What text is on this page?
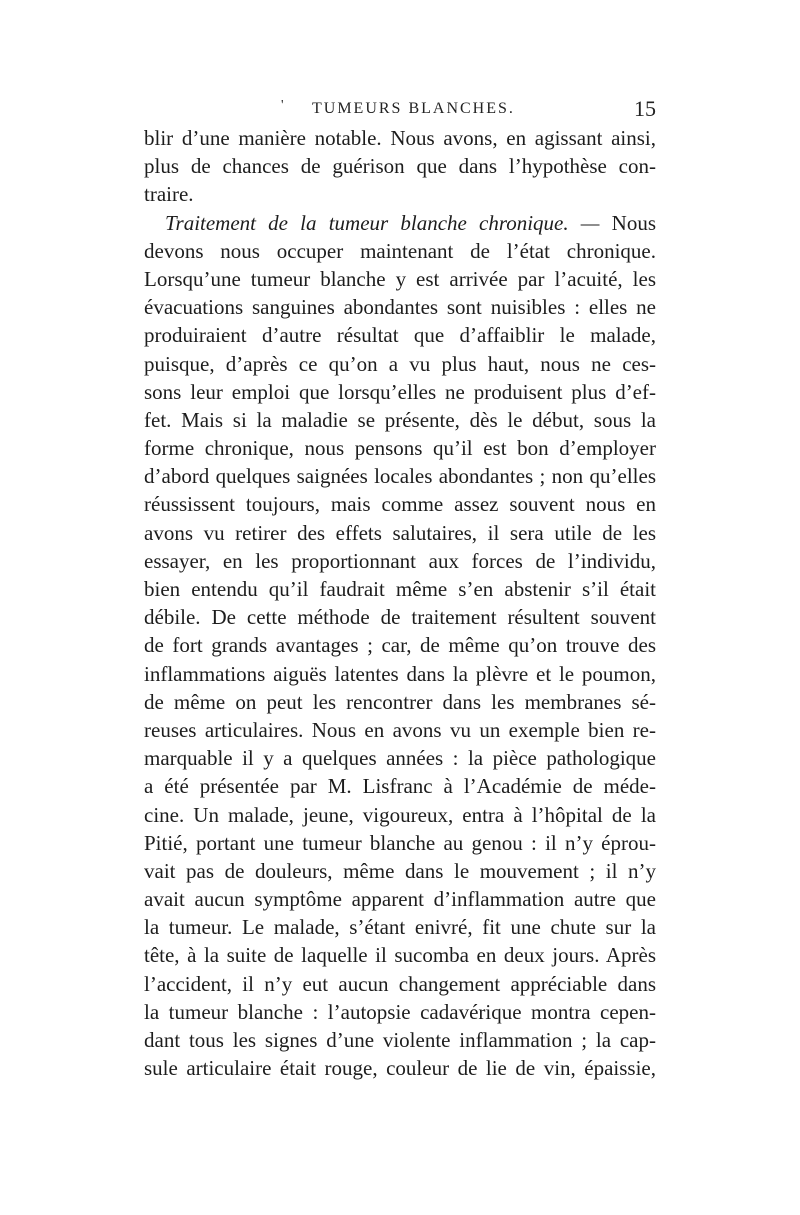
' TUMEURS BLANCHES.	15
blir d’une manière notable. Nous avons, en agissant ainsi,
plus de chances de guérison que dans l’hypothèse con-
traire.
 Traitement de la tumeur blanche chronique. — Nous
devons nous occuper maintenant de l’état chronique.
Lorsqu’une tumeur blanche y est arrivée par l’acuité, les
évacuations sanguines abondantes sont nuisibles : elles ne
produiraient d’autre résultat que d’affaiblir le malade,
puisque, d’après ce qu’on a vu plus haut, nous ne ces-
sons leur emploi que lorsqu’elles ne produisent plus d’ef-
fet. Mais si la maladie se présente, dès le début, sous la
forme chronique, nous pensons qu’il est bon d’employer
d’abord quelques saignées locales abondantes ; non qu’elles
réussissent toujours, mais comme assez souvent nous en
avons vu retirer des effets salutaires, il sera utile de les
essayer, en les proportionnant aux forces de l’individu,
bien entendu qu’il faudrait même s’en abstenir s’il était
débile. De cette méthode de traitement résultent souvent
de fort grands avantages ; car, de même qu’on trouve des
inflammations aiguës latentes dans la plèvre et le poumon,
de même on peut les rencontrer dans les membranes sé-
reuses articulaires. Nous en avons vu un exemple bien re-
marquable il y a quelques années : la pièce pathologique
a été présentée par M. Lisfranc à l’Académie de méde-
cine. Un malade, jeune, vigoureux, entra à l’hôpital de la
Pitié, portant une tumeur blanche au genou : il n’y éprou-
vait pas de douleurs, même dans le mouvement ; il n’y
avait aucun symptôme apparent d’inflammation autre que
la tumeur. Le malade, s’étant enivré, fit une chute sur la
tête, à la suite de laquelle il sucomba en deux jours. Après
l’accident, il n’y eut aucun changement appréciable dans
la tumeur blanche : l’autopsie cadavérique montra cepen-
dant tous les signes d’une violente inflammation ; la cap-
sule articulaire était rouge, couleur de lie de vin, épaissie,
